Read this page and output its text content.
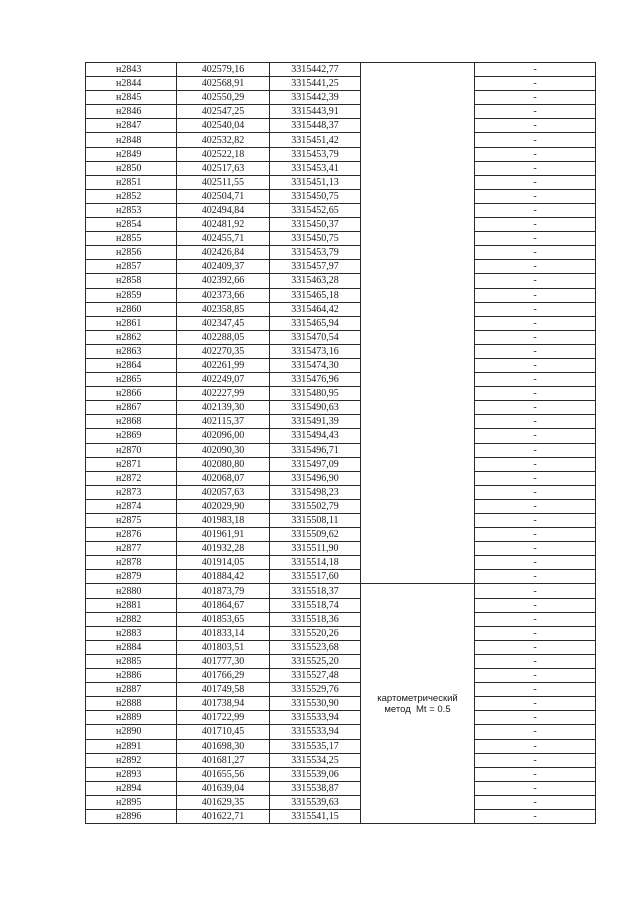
н2843	402579,16	3315442,77		-
н2844	402568,91	3315441,25		-
н2845	402550,29	3315442,39		-
н2846	402547,25	3315443,91		-
н2847	402540,04	3315448,37		-
н2848	402532,82	3315451,42		-
н2849	402522,18	3315453,79		-
н2850	402517,63	3315453,41		-
н2851	402511,55	3315451,13		-
н2852	402504,71	3315450,75		-
н2853	402494,84	3315452,65		-
н2854	402481,92	3315450,37		-
н2855	402455,71	3315450,75		-
н2856	402426,84	3315453,79		-
н2857	402409,37	3315457,97		-
н2858	402392,66	3315463,28		-
н2859	402373,66	3315465,18		-
н2860	402358,85	3315464,42		-
н2861	402347,45	3315465,94		-
н2862	402288,05	3315470,54		-
н2863	402270,35	3315473,16		-
н2864	402261,99	3315474,30		-
н2865	402249,07	3315476,96		-
н2866	402227,99	3315480,95		-
н2867	402139,30	3315490,63		-
н2868	402115,37	3315491,39		-
н2869	402096,00	3315494,43		-
н2870	402090,30	3315496,71		-
н2871	402080,80	3315497,09		-
н2872	402068,07	3315496,90		-
н2873	402057,63	3315498,23		-
н2874	402029,90	3315502,79		-
н2875	401983,18	3315508,11		-
н2876	401961,91	3315509,62		-
н2877	401932,28	3315511,90		-
н2878	401914,05	3315514,18		-
н2879	401884,42	3315517,60		-
н2880	401873,79	3315518,37	картометрический
метод  Mt = 0.5	-
н2881	401864,67	3315518,74		-
н2882	401853,65	3315518,36		-
н2883	401833,14	3315520,26		-
н2884	401803,51	3315523,68		-
н2885	401777,30	3315525,20		-
н2886	401766,29	3315527,48		-
н2887	401749,58	3315529,76		-
н2888	401738,94	3315530,90		-
н2889	401722,99	3315533,94		-
н2890	401710,45	3315533,94		-
н2891	401698,30	3315535,17		-
н2892	401681,27	3315534,25		-
н2893	401655,56	3315539,06		-
н2894	401639,04	3315538,87		-
н2895	401629,35	3315539,63		-
н2896	401622,71	3315541,15		-
